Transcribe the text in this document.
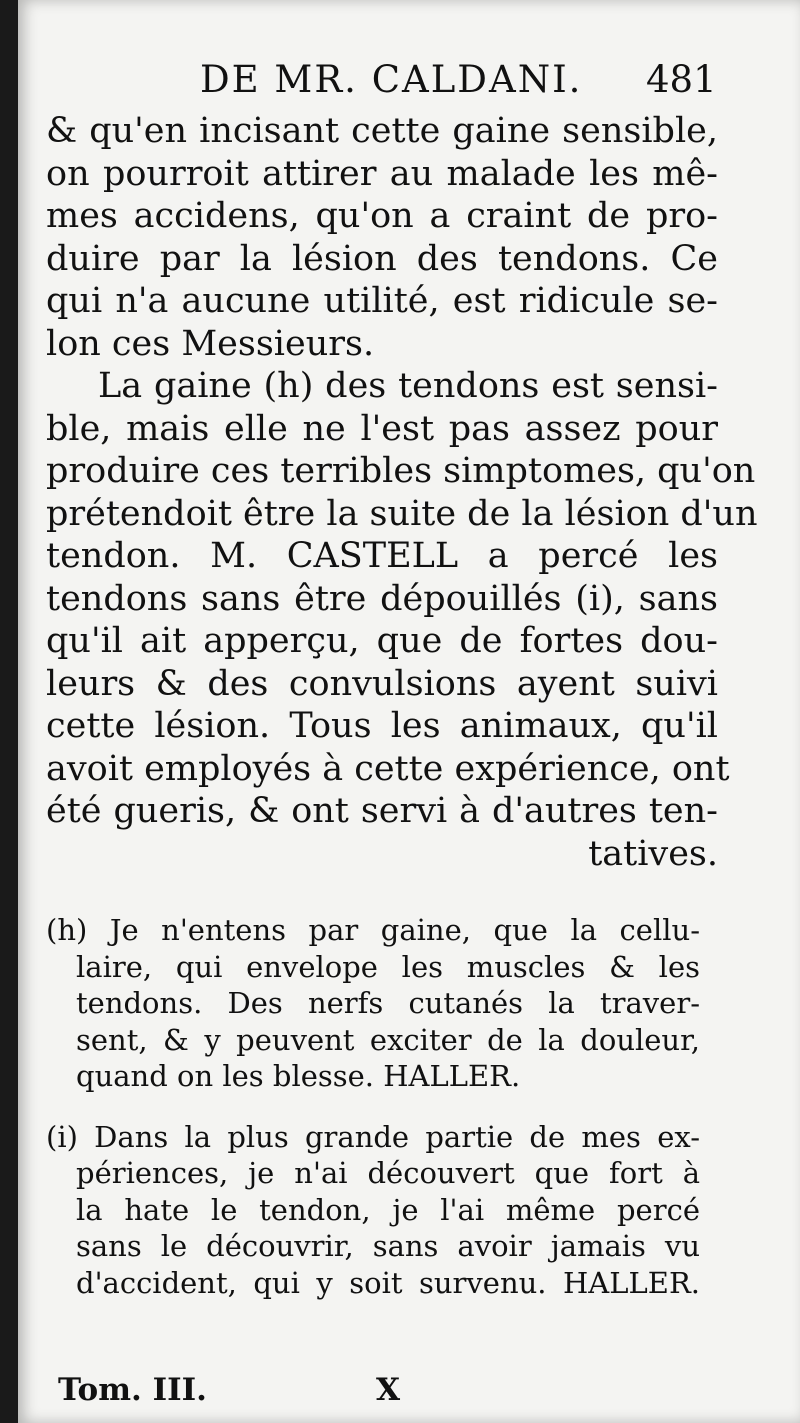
DE MR. CALDANI. 481
& qu'en incisant cette gaine sensible,
on pourroit attirer au malade les mê-
mes accidens, qu'on a craint de pro-
duire par la lésion des tendons. Ce
qui n'a aucune utilité, est ridicule se-
lon ces Messieurs.
La gaine (h) des tendons est sensi-
ble, mais elle ne l'est pas assez pour
produire ces terribles simptomes, qu'on
prétendoit être la suite de la lésion d'un
tendon. M. CASTELL a percé les
tendons sans être dépouillés (i), sans
qu'il ait apperçu, que de fortes dou-
leurs & des convulsions ayent suivi
cette lésion. Tous les animaux, qu'il
avoit employés à cette expérience, ont
été gueris, & ont servi à d'autres ten-
tatives.
(h) Je n'entens par gaine, que la cellu-
laire, qui envelope les muscles & les
tendons. Des nerfs cutanés la traver-
sent, & y peuvent exciter de la douleur,
quand on les blesse. HALLER.
(i) Dans la plus grande partie de mes ex-
périences, je n'ai découvert que fort à
la hate le tendon, je l'ai même percé
sans le découvrir, sans avoir jamais vu
d'accident, qui y soit survenu. HALLER.
Tom. III.	X
